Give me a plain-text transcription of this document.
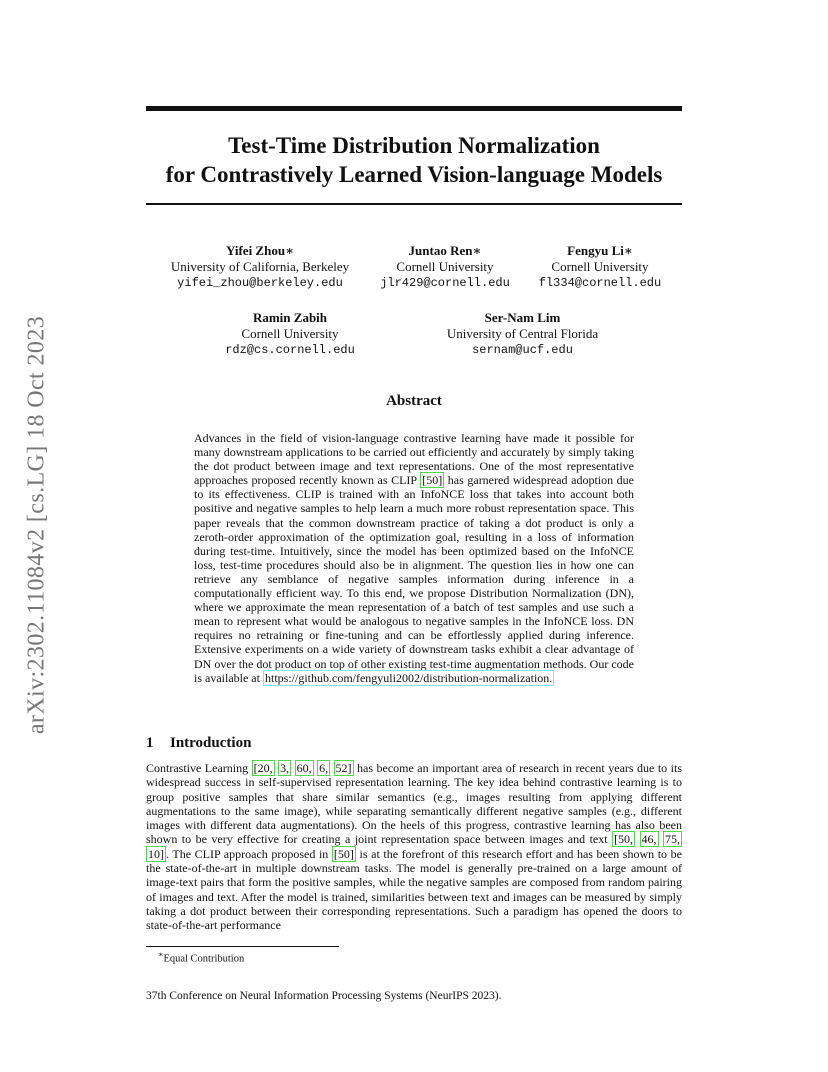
arXiv:2302.11084v2 [cs.LG] 18 Oct 2023
Test-Time Distribution Normalization
for Contrastively Learned Vision-language Models
Yifei Zhou∗
University of California, Berkeley
yifei_zhou@berkeley.edu
Juntao Ren∗
Cornell University
jlr429@cornell.edu
Fengyu Li∗
Cornell University
fl334@cornell.edu
Ramin Zabih
Cornell University
rdz@cs.cornell.edu
Ser-Nam Lim
University of Central Florida
sernam@ucf.edu
Abstract

Advances in the field of vision-language contrastive learning have made it possible for many downstream applications to be carried out efficiently and accurately by simply taking the dot product between image and text representations. One of the most representative approaches proposed recently known as CLIP [50] has garnered widespread adoption due to its effectiveness. CLIP is trained with an InfoNCE loss that takes into account both positive and negative samples to help learn a much more robust representation space. This paper reveals that the common downstream practice of taking a dot product is only a zeroth-order approximation of the optimization goal, resulting in a loss of information during test-time. Intuitively, since the model has been optimized based on the InfoNCE loss, test-time procedures should also be in alignment. The question lies in how one can retrieve any semblance of negative samples information during inference in a computationally efficient way. To this end, we propose Distribution Normalization (DN), where we approximate the mean representation of a batch of test samples and use such a mean to represent what would be analogous to negative samples in the InfoNCE loss. DN requires no retraining or fine-tuning and can be effortlessly applied during inference. Extensive experiments on a wide variety of downstream tasks exhibit a clear advantage of DN over the dot product on top of other existing test-time augmentation methods. Our code is available at https://github.com/fengyuli2002/distribution-normalization.

1 Introduction

Contrastive Learning [20, 3, 60, 6, 52] has become an important area of research in recent years due to its widespread success in self-supervised representation learning. The key idea behind contrastive learning is to group positive samples that share similar semantics (e.g., images resulting from applying different augmentations to the same image), while separating semantically different negative samples (e.g., different images with different data augmentations). On the heels of this progress, contrastive learning has also been shown to be very effective for creating a joint representation space between images and text [50, 46, 75, 10] . The CLIP approach proposed in [50] is at the forefront of this research effort and has been shown to be the state-of-the-art in multiple downstream tasks. The model is generally pre-trained on a large amount of image-text pairs that form the positive samples, while the negative samples are composed from random pairing of images and text. After the model is trained, similarities between text and images can be measured by simply taking a dot product between their corresponding representations. Such a paradigm has opened the doors to state-of-the-art performance

∗Equal Contribution

37th Conference on Neural Information Processing Systems (NeurIPS 2023).
